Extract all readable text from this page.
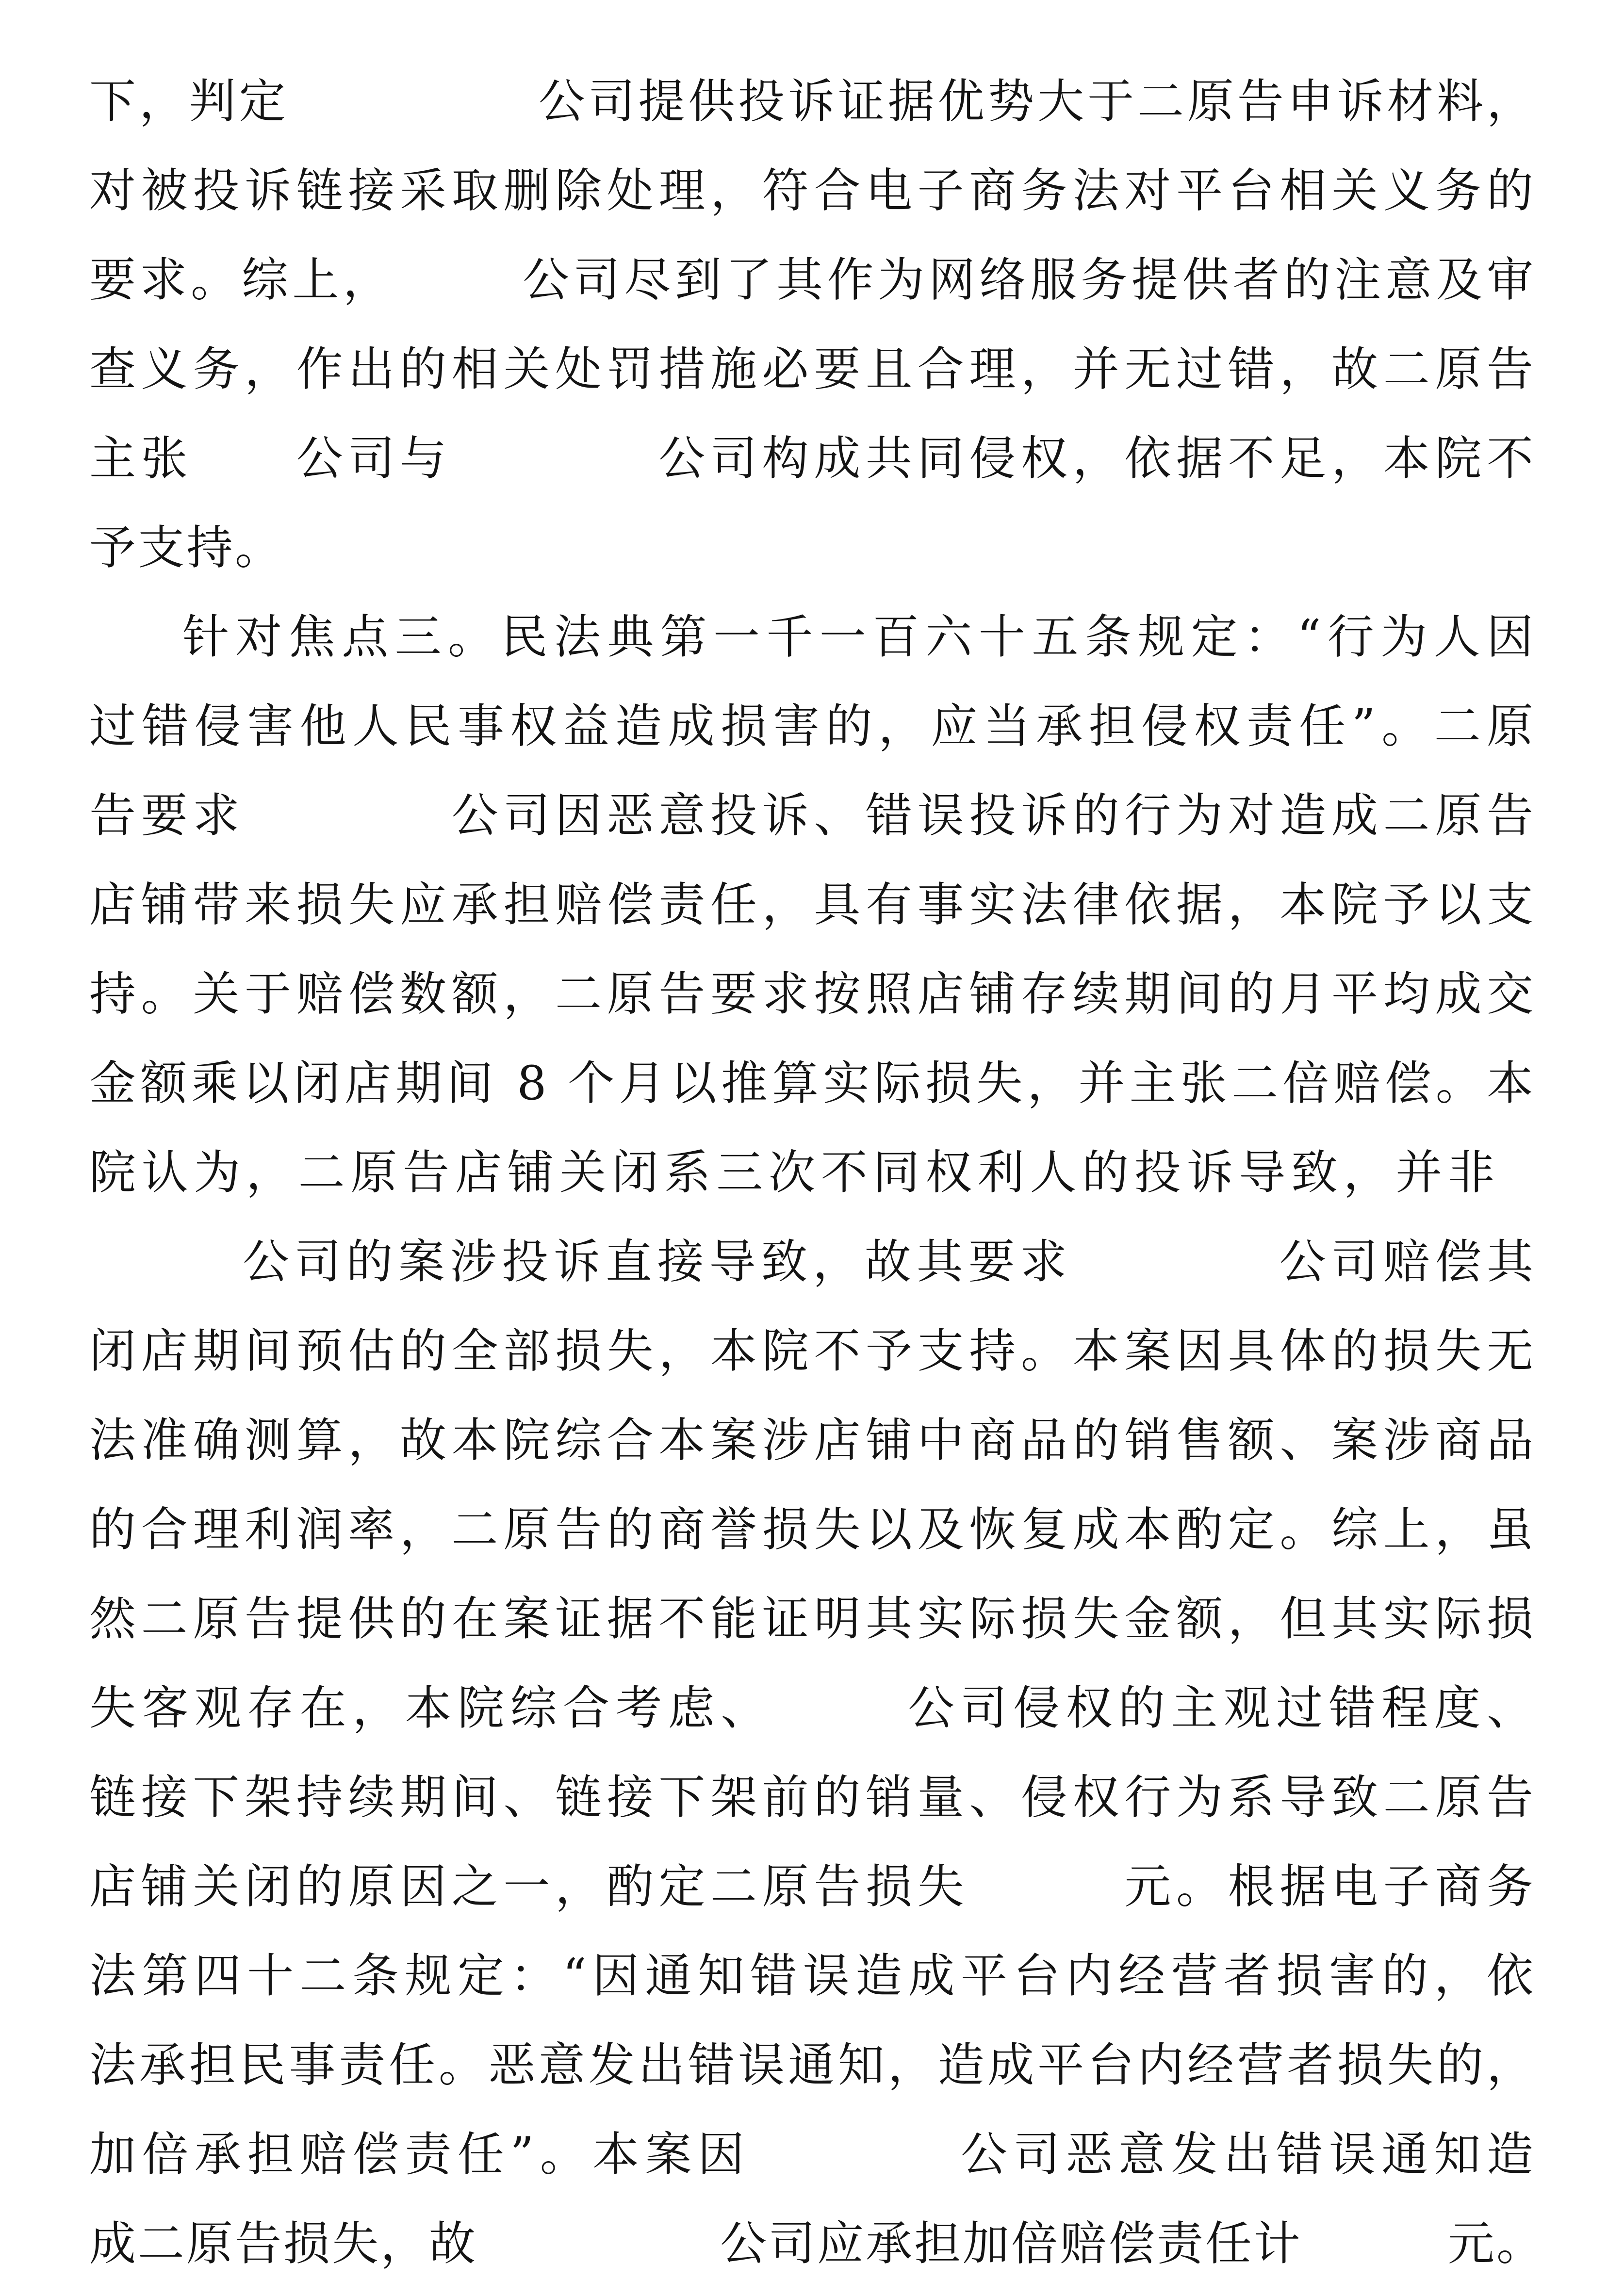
下，判定　　　　　公司提供投诉证据优势大于二原告申诉材料，
对被投诉链接采取删除处理，符合电子商务法对平台相关义务的
要求。综上，　　　公司尽到了其作为网络服务提供者的注意及审
查义务，作出的相关处罚措施必要且合理，并无过错，故二原告
主张　　公司与　　　　公司构成共同侵权，依据不足，本院不
予支持。
针对焦点三。民法典第一千一百六十五条规定：“行为人因
过错侵害他人民事权益造成损害的，应当承担侵权责任”。二原
告要求　　　　公司因恶意投诉、错误投诉的行为对造成二原告
店铺带来损失应承担赔偿责任，具有事实法律依据，本院予以支
持。关于赔偿数额，二原告要求按照店铺存续期间的月平均成交
金额乘以闭店期间 8 个月以推算实际损失，并主张二倍赔偿。本
院认为，二原告店铺关闭系三次不同权利人的投诉导致，并非
公司的案涉投诉直接导致，故其要求　　　　公司赔偿其
闭店期间预估的全部损失，本院不予支持。本案因具体的损失无
法准确测算，故本院综合本案涉店铺中商品的销售额、案涉商品
的合理利润率，二原告的商誉损失以及恢复成本酌定。综上，虽
然二原告提供的在案证据不能证明其实际损失金额，但其实际损
失客观存在，本院综合考虑、　　　公司侵权的主观过错程度、
链接下架持续期间、链接下架前的销量、侵权行为系导致二原告
店铺关闭的原因之一，酌定二原告损失　　　元。根据电子商务
法第四十二条规定：“因通知错误造成平台内经营者损害的，依
法承担民事责任。恶意发出错误通知，造成平台内经营者损失的，
加倍承担赔偿责任”。本案因　　　　公司恶意发出错误通知造
成二原告损失，故　　　　　公司应承担加倍赔偿责任计　　　元。
